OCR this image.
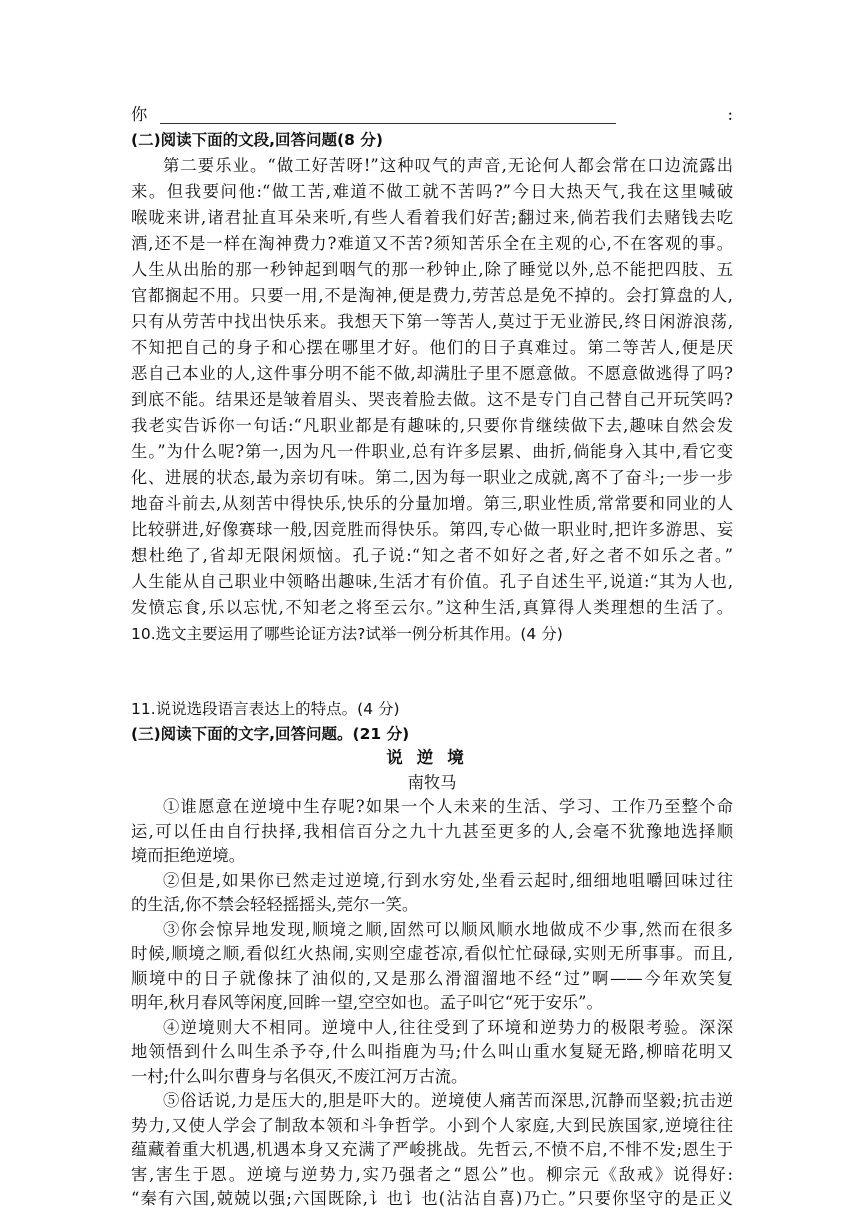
你:
(二)阅读下面的文段,回答问题(8 分)
第二要乐业。“做工好苦呀!”这种叹气的声音,无论何人都会常在口边流露出
来。但我要问他:“做工苦,难道不做工就不苦吗?”今日大热天气,我在这里喊破
喉咙来讲,诸君扯直耳朵来听,有些人看着我们好苦;翻过来,倘若我们去赌钱去吃
酒,还不是一样在淘神费力?难道又不苦?须知苦乐全在主观的心,不在客观的事。
人生从出胎的那一秒钟起到咽气的那一秒钟止,除了睡觉以外,总不能把四肢、五
官都搁起不用。只要一用,不是淘神,便是费力,劳苦总是免不掉的。会打算盘的人,
只有从劳苦中找出快乐来。我想天下第一等苦人,莫过于无业游民,终日闲游浪荡,
不知把自己的身子和心摆在哪里才好。他们的日子真难过。第二等苦人,便是厌
恶自己本业的人,这件事分明不能不做,却满肚子里不愿意做。不愿意做逃得了吗?
到底不能。结果还是皱着眉头、哭丧着脸去做。这不是专门自己替自己开玩笑吗?
我老实告诉你一句话:“凡职业都是有趣味的,只要你肯继续做下去,趣味自然会发
生。”为什么呢?第一,因为凡一件职业,总有许多层累、曲折,倘能身入其中,看它变
化、进展的状态,最为亲切有味。第二,因为每一职业之成就,离不了奋斗;一步一步
地奋斗前去,从刻苦中得快乐,快乐的分量加增。第三,职业性质,常常要和同业的人
比较骈进,好像赛球一般,因竞胜而得快乐。第四,专心做一职业时,把许多游思、妄
想杜绝了,省却无限闲烦恼。孔子说:“知之者不如好之者,好之者不如乐之者。”
人生能从自己职业中领略出趣味,生活才有价值。孔子自述生平,说道:“其为人也,
发愤忘食,乐以忘忧,不知老之将至云尔。”这种生活,真算得人类理想的生活了。
10.选文主要运用了哪些论证方法?试举一例分析其作用。(4 分)
11.说说选段语言表达上的特点。(4 分)
(三)阅读下面的文字,回答问题。(21 分)
说逆境
南牧马
①谁愿意在逆境中生存呢?如果一个人未来的生活、学习、工作乃至整个命
运,可以任由自行抉择,我相信百分之九十九甚至更多的人,会毫不犹豫地选择顺
境而拒绝逆境。
②但是,如果你已然走过逆境,行到水穷处,坐看云起时,细细地咀嚼回味过往
的生活,你不禁会轻轻摇摇头,莞尔一笑。
③你会惊异地发现,顺境之顺,固然可以顺风顺水地做成不少事,然而在很多
时候,顺境之顺,看似红火热闹,实则空虚苍凉,看似忙忙碌碌,实则无所事事。而且,
顺境中的日子就像抹了油似的,又是那么滑溜溜地不经“过”啊——今年欢笑复
明年,秋月春风等闲度,回眸一望,空空如也。孟子叫它“死于安乐”。
④逆境则大不相同。逆境中人,往往受到了环境和逆势力的极限考验。深深
地领悟到什么叫生杀予夺,什么叫指鹿为马;什么叫山重水复疑无路,柳暗花明又
一村;什么叫尔曹身与名俱灭,不废江河万古流。
⑤俗话说,力是压大的,胆是吓大的。逆境使人痛苦而深思,沉静而坚毅;抗击逆
势力,又使人学会了制敌本领和斗争哲学。小到个人家庭,大到民族国家,逆境往往
蕴藏着重大机遇,机遇本身又充满了严峻挑战。先哲云,不愤不启,不悱不发;恩生于
害,害生于恩。逆境与逆势力,实乃强者之“恩公”也。柳宗元《敌戒》说得好:
“秦有六国,兢兢以强;六国既除,讠也讠也(沾沾自喜)乃亡。”只要你坚守的是正义
